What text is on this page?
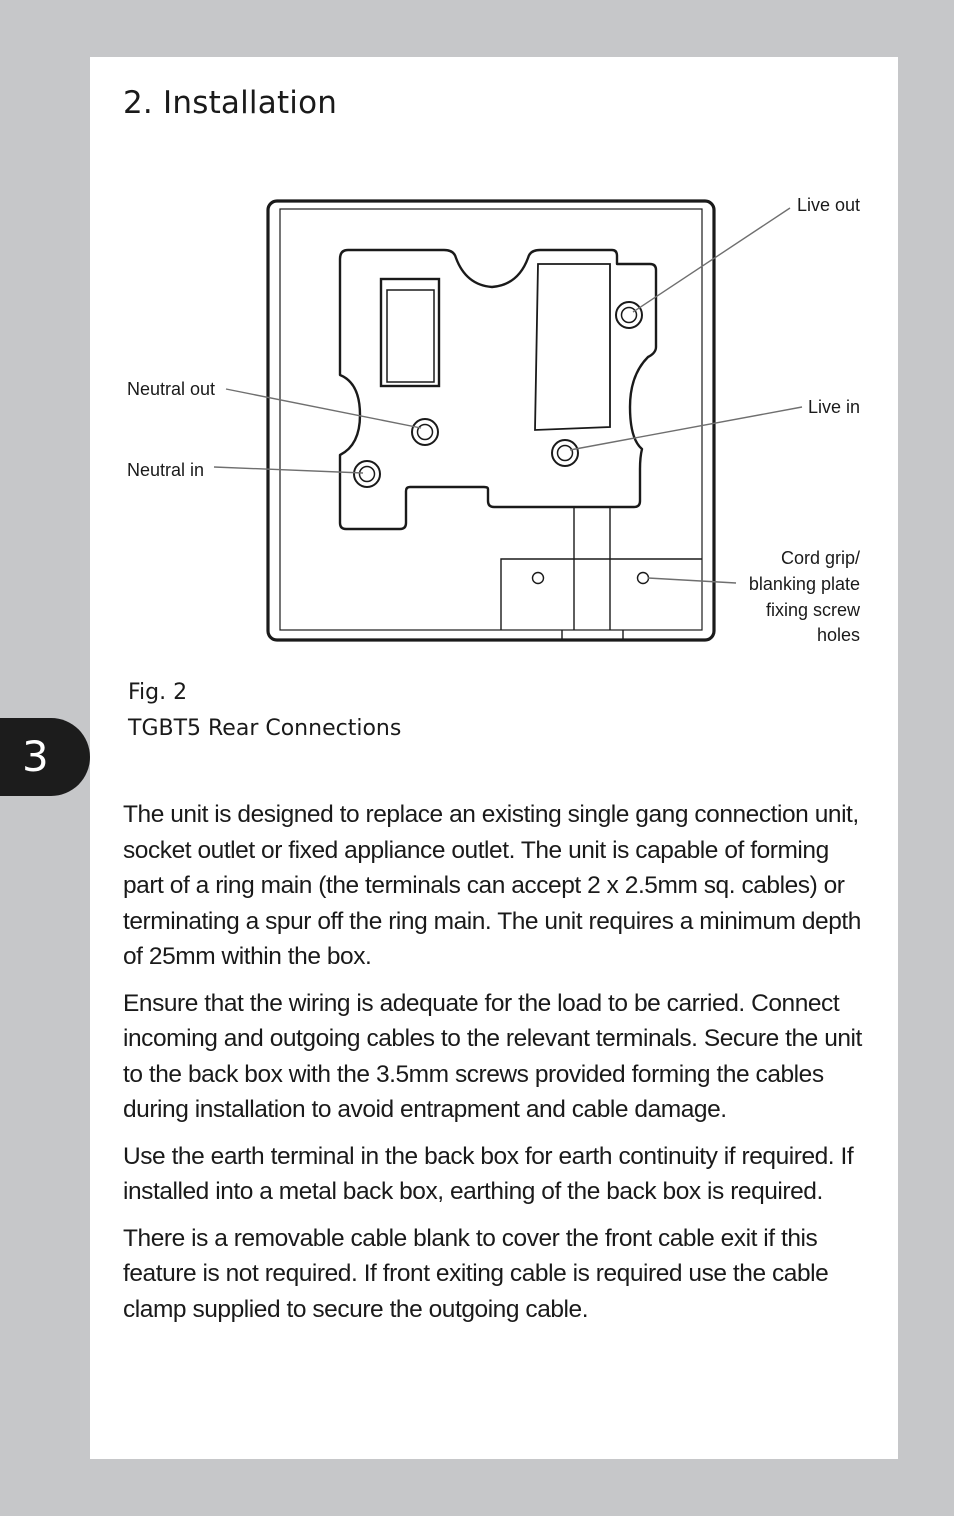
2. Installation
Live out
Live in
Neutral out
Neutral in
Cord grip/
blanking plate
fixing screw
holes
Fig. 2
TGBT5 Rear Connections

The unit is designed to replace an existing single gang connection unit, socket outlet or fixed appliance outlet. The unit is capable of forming part of a ring main (the terminals can accept 2 x 2.5mm sq. cables) or terminating a spur off the ring main. The unit requires a minimum depth of 25mm within the box.

Ensure that the wiring is adequate for the load to be carried. Connect incoming and outgoing cables to the relevant terminals. Secure the unit to the back box with the 3.5mm screws provided forming the cables during installation to avoid entrapment and cable damage.

Use the earth terminal in the back box for earth continuity if required. If installed into a metal back box, earthing of the back box is required.

There is a removable cable blank to cover the front cable exit if this feature is not required. If front exiting cable is required use the cable clamp supplied to secure the outgoing cable.

3
